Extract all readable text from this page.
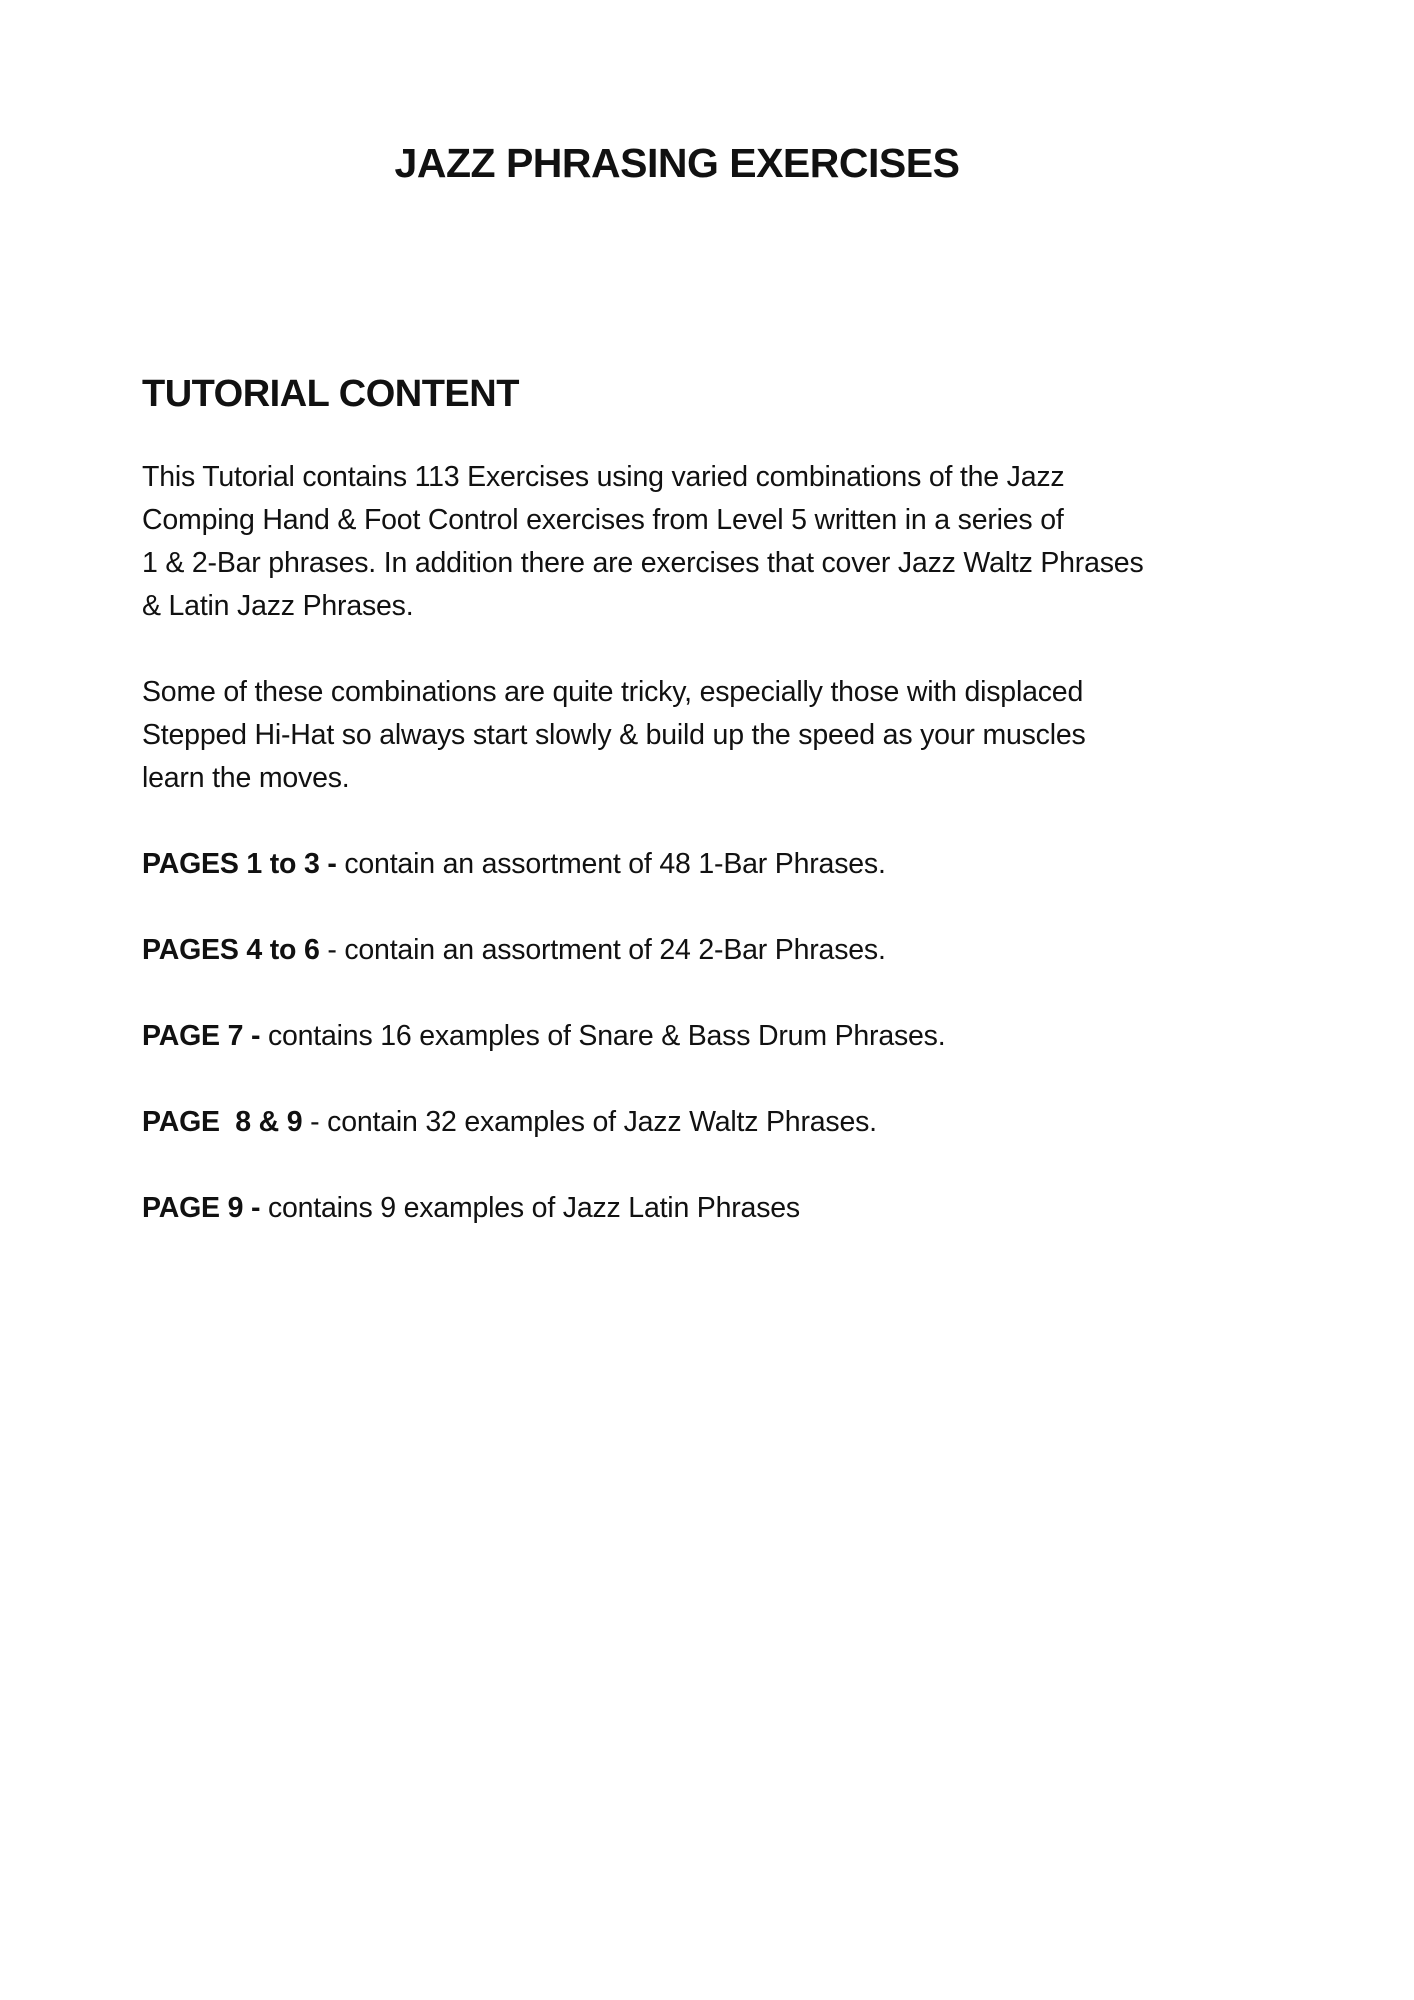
JAZZ PHRASING EXERCISES
TUTORIAL CONTENT

This Tutorial contains 113 Exercises using varied combinations of the Jazz
Comping Hand & Foot Control exercises from Level 5 written in a series of
1 & 2-Bar phrases. In addition there are exercises that cover Jazz Waltz Phrases
& Latin Jazz Phrases.

Some of these combinations are quite tricky, especially those with displaced
Stepped Hi-Hat so always start slowly & build up the speed as your muscles
learn the moves.

PAGES 1 to 3 - contain an assortment of 48 1-Bar Phrases.

PAGES 4 to 6 - contain an assortment of 24 2-Bar Phrases.

PAGE 7 - contains 16 examples of Snare & Bass Drum Phrases.

PAGE  8 & 9 - contain 32 examples of Jazz Waltz Phrases.

PAGE 9 - contains 9 examples of Jazz Latin Phrases
